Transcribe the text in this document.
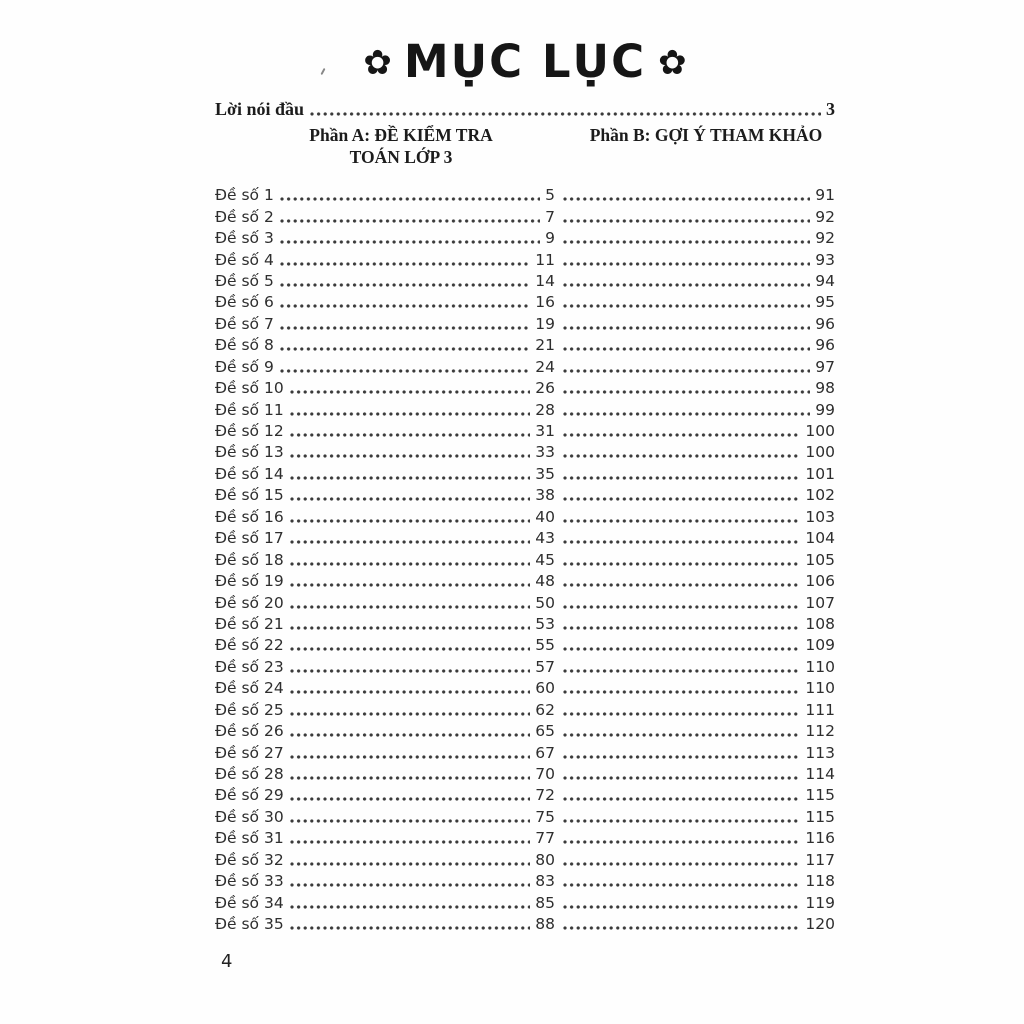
✿ MỤC LỤC ✿
Lời nói đầu	3
Phần A: ĐỀ KIỂM TRA
TOÁN LỚP 3
Phần B: GỢI Ý THAM KHẢO
Đề số 1	5	91
Đề số 2	7	92
Đề số 3	9	92
Đề số 4	11	93
Đề số 5	14	94
Đề số 6	16	95
Đề số 7	19	96
Đề số 8	21	96
Đề số 9	24	97
Đề số 10	26	98
Đề số 11	28	99
Đề số 12	31	100
Đề số 13	33	100
Đề số 14	35	101
Đề số 15	38	102
Đề số 16	40	103
Đề số 17	43	104
Đề số 18	45	105
Đề số 19	48	106
Đề số 20	50	107
Đề số 21	53	108
Đề số 22	55	109
Đề số 23	57	110
Đề số 24	60	110
Đề số 25	62	111
Đề số 26	65	112
Đề số 27	67	113
Đề số 28	70	114
Đề số 29	72	115
Đề số 30	75	115
Đề số 31	77	116
Đề số 32	80	117
Đề số 33	83	118
Đề số 34	85	119
Đề số 35	88	120
4
